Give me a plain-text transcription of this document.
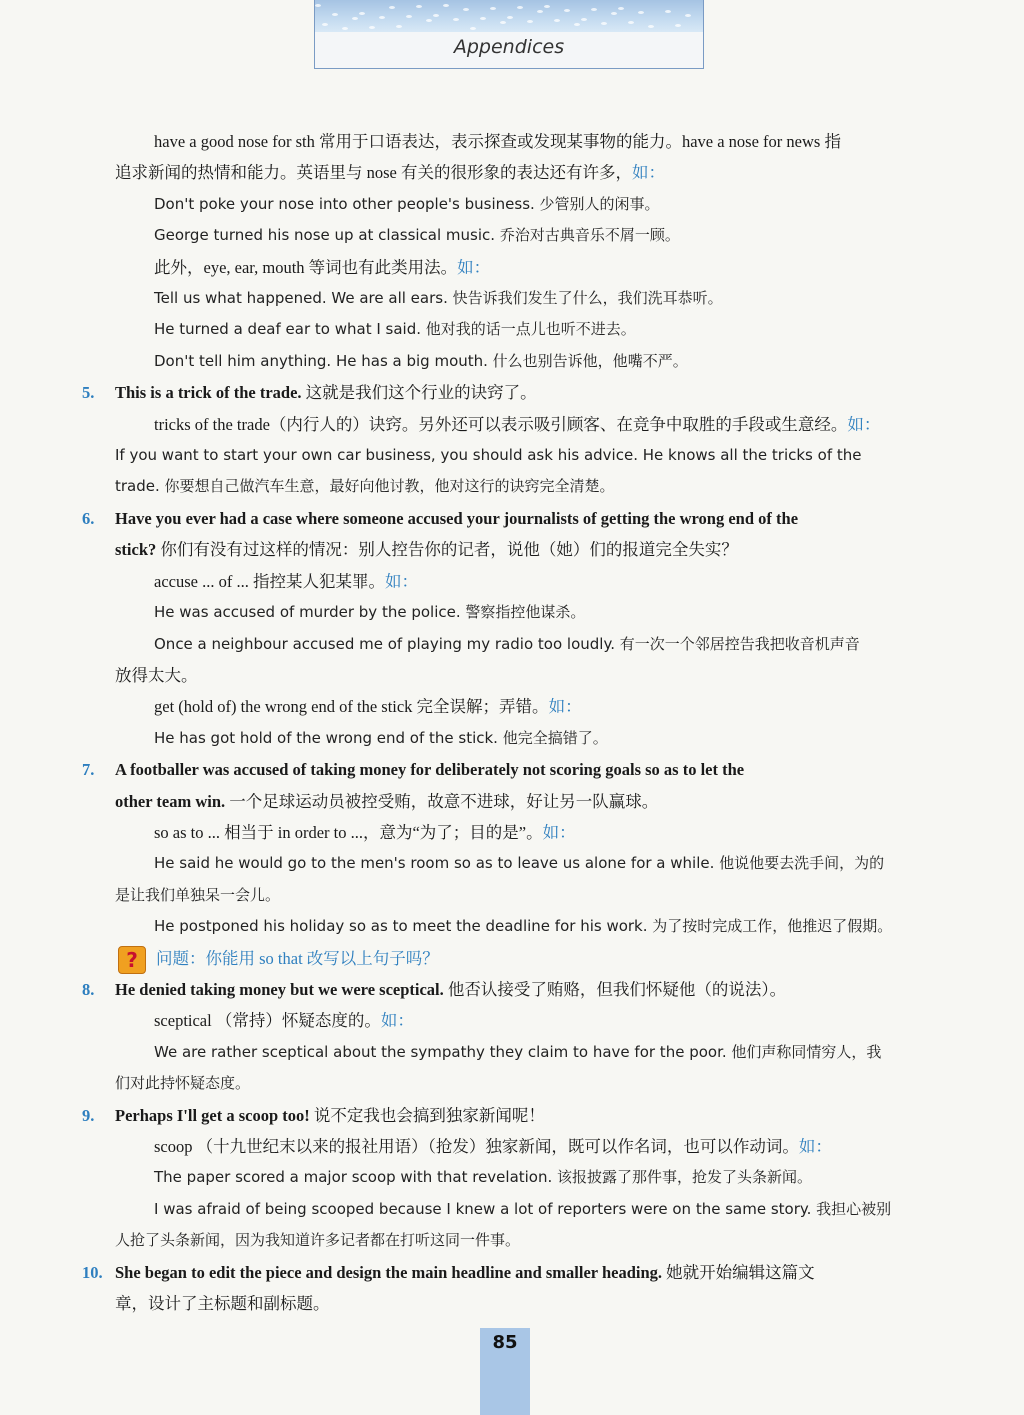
Appendices
have a good nose for sth 常用于口语表达，表示探查或发现某事物的能力。have a nose for news 指
追求新闻的热情和能力。英语里与 nose 有关的很形象的表达还有许多，如：
Don't poke your nose into other people's business. 少管别人的闲事。
George turned his nose up at classical music. 乔治对古典音乐不屑一顾。
此外，eye, ear, mouth 等词也有此类用法。如：
Tell us what happened. We are all ears. 快告诉我们发生了什么，我们洗耳恭听。
He turned a deaf ear to what I said. 他对我的话一点儿也听不进去。
Don't tell him anything. He has a big mouth. 什么也别告诉他，他嘴不严。
5. This is a trick of the trade. 这就是我们这个行业的诀窍了。
tricks of the trade（内行人的）诀窍。另外还可以表示吸引顾客、在竞争中取胜的手段或生意经。如：
If you want to start your own car business, you should ask his advice. He knows all the tricks of the
trade. 你要想自己做汽车生意，最好向他讨教，他对这行的诀窍完全清楚。
6. Have you ever had a case where someone accused your journalists of getting the wrong end of the
stick? 你们有没有过这样的情况：别人控告你的记者，说他（她）们的报道完全失实？
accuse ... of ... 指控某人犯某罪。如：
He was accused of murder by the police. 警察指控他谋杀。
Once a neighbour accused me of playing my radio too loudly. 有一次一个邻居控告我把收音机声音
放得太大。
get (hold of) the wrong end of the stick 完全误解；弄错。如：
He has got hold of the wrong end of the stick. 他完全搞错了。
7. A footballer was accused of taking money for deliberately not scoring goals so as to let the
other team win. 一个足球运动员被控受贿，故意不进球，好让另一队赢球。
so as to ... 相当于 in order to ...，意为“为了；目的是”。如：
He said he would go to the men's room so as to leave us alone for a while. 他说他要去洗手间，为的
是让我们单独呆一会儿。
He postponed his holiday so as to meet the deadline for his work. 为了按时完成工作，他推迟了假期。
? 问题：你能用 so that 改写以上句子吗？
8. He denied taking money but we were sceptical. 他否认接受了贿赂，但我们怀疑他（的说法）。
sceptical （常持）怀疑态度的。如：
We are rather sceptical about the sympathy they claim to have for the poor. 他们声称同情穷人，我
们对此持怀疑态度。
9. Perhaps I'll get a scoop too! 说不定我也会搞到独家新闻呢！
scoop （十九世纪末以来的报社用语）（抢发）独家新闻，既可以作名词，也可以作动词。如：
The paper scored a major scoop with that revelation. 该报披露了那件事，抢发了头条新闻。
I was afraid of being scooped because I knew a lot of reporters were on the same story. 我担心被别
人抢了头条新闻，因为我知道许多记者都在打听这同一件事。
10. She began to edit the piece and design the main headline and smaller heading. 她就开始编辑这篇文
章，设计了主标题和副标题。
85
